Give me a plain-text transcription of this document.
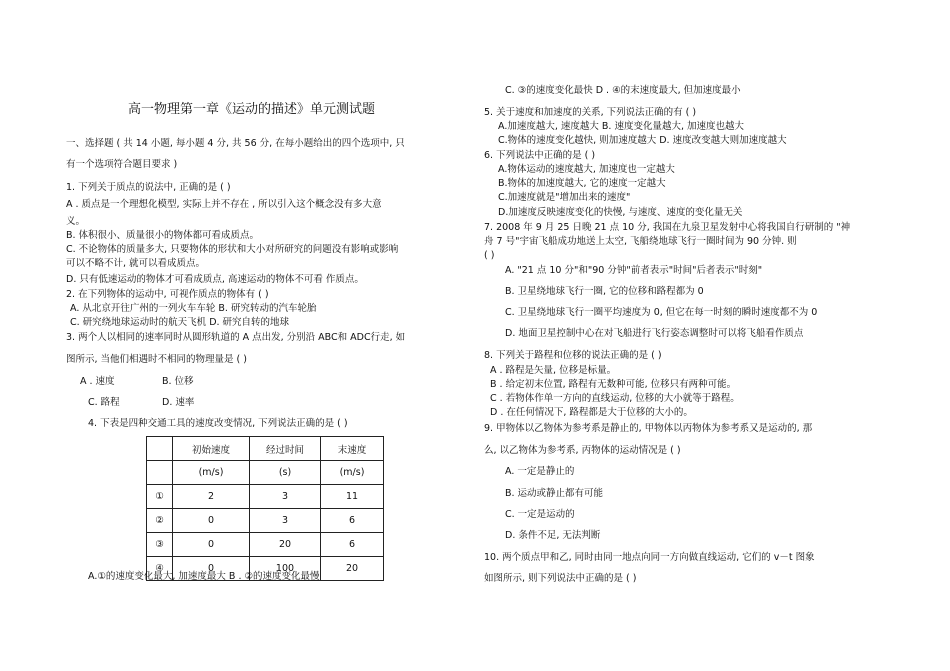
高一物理第一章《运动的描述》单元测试题
一、选择题 ( 共 14 小题, 每小题 4 分, 共 56 分, 在每小题给出的四个选项中, 只
有一个选项符合题目要求 )
1. 下列关于质点的说法中, 正确的是 ( )
A . 质点是一个理想化模型, 实际上并不存在 , 所以引入这个概念没有多大意
义。
B. 体积很小、质量很小的物体都可看成质点。
C. 不论物体的质量多大, 只要物体的形状和大小对所研究的问题没有影响或影响
可以不略不计, 就可以看成质点。
D. 只有低速运动的物体才可看成质点, 高速运动的物体不可看 作质点。
2. 在下列物体的运动中, 可视作质点的物体有 ( )
A. 从北京开往广州的一列火车车轮 B. 研究转动的汽车轮胎
C. 研究绕地球运动时的航天飞机 D. 研究自转的地球
3. 两个人以相同的速率同时从圆形轨道的 A 点出发, 分别沿 ABC和 ADC行走, 如
图所示, 当他们相遇时不相同的物理量是 ( )
A . 速度	B. 位移
C. 路程	D. 速率
4. 下表是四种交通工具的速度改变情况, 下列说法正确的是 ( )
	初始速度	经过时间	末速度
	(m/s)	(s)	(m/s)
①	2	3	11
②	0	3	6
③	0	20	6
④	0	100	20
A.①的速度变化最大, 加速度最大 B . ②的速度变化最慢
C. ③的速度变化最快 D . ④的末速度最大, 但加速度最小
5. 关于速度和加速度的关系, 下列说法正确的有 ( )
A.加速度越大, 速度越大 B. 速度变化量越大, 加速度也越大
C.物体的速度变化越快, 则加速度越大 D. 速度改变越大则加速度越大
6. 下列说法中正确的是 ( )
A.物体运动的速度越大, 加速度也一定越大
B.物体的加速度越大, 它的速度一定越大
C.加速度就是"增加出来的速度"
D.加速度反映速度变化的快慢, 与速度、速度的变化量无关
7. 2008 年 9 月 25 日晚 21 点 10 分, 我国在九泉卫星发射中心将我国自行研制的 "神
舟 7 号"宇宙飞船成功地送上太空, 飞船绕地球飞行一圈时间为 90 分钟. 则
( )
A. "21 点 10 分"和"90 分钟"前者表示"时间"后者表示"时刻"
B. 卫星绕地球飞行一圈, 它的位移和路程都为 0
C. 卫星绕地球飞行一圈平均速度为 0, 但它在每一时刻的瞬时速度都不为 0
D. 地面卫星控制中心在对飞船进行飞行姿态调整时可以将飞船看作质点
8. 下列关于路程和位移的说法正确的是 ( )
A . 路程是矢量, 位移是标量。
B . 给定初末位置, 路程有无数种可能, 位移只有两种可能。
C . 若物体作单一方向的直线运动, 位移的大小就等于路程。
D . 在任何情况下, 路程都是大于位移的大小的。
9. 甲物体以乙物体为参考系是静止的, 甲物体以丙物体为参考系又是运动的, 那
么, 以乙物体为参考系, 丙物体的运动情况是 ( )
A. 一定是静止的
B. 运动或静止都有可能
C. 一定是运动的
D. 条件不足, 无法判断
10. 两个质点甲和乙, 同时由同一地点向同一方向做直线运动, 它们的 v－t 图象
如图所示, 则下列说法中正确的是 ( )
